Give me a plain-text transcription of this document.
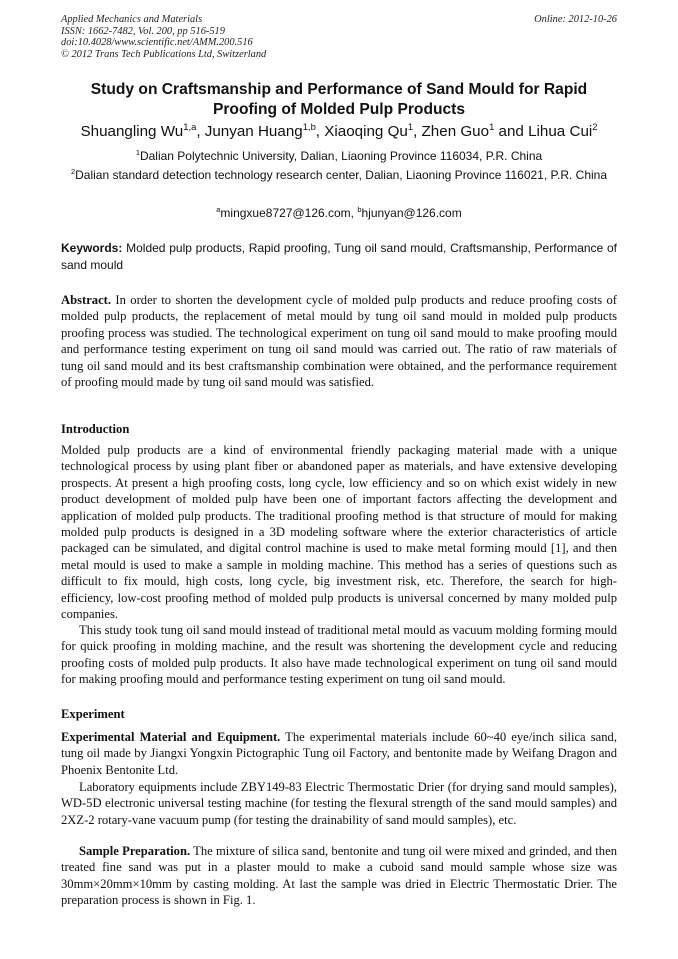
Applied Mechanics and Materials
ISSN: 1662-7482, Vol. 200, pp 516-519
doi:10.4028/www.scientific.net/AMM.200.516
© 2012 Trans Tech Publications Ltd, Switzerland
Online: 2012-10-26
Study on Craftsmanship and Performance of Sand Mould for Rapid Proofing of Molded Pulp Products
Shuangling Wu$^{1,a}$, Junyan Huang$^{1,b}$, Xiaoqing Qu$^1$, Zhen Guo$^1$ and Lihua Cui$^2$
$^1$Dalian Polytechnic University, Dalian, Liaoning Province 116034, P.R. China
$^2$Dalian standard detection technology research center, Dalian, Liaoning Province 116021, P.R. China
$^a$mingxue8727@126.com, $^b$hjunyan@126.com

Keywords: Molded pulp products, Rapid proofing, Tung oil sand mould, Craftsmanship, Performance of sand mould

Abstract. In order to shorten the development cycle of molded pulp products and reduce proofing costs of molded pulp products, the replacement of metal mould by tung oil sand mould in molded pulp products proofing process was studied. The technological experiment on tung oil sand mould to make proofing mould and performance testing experiment on tung oil sand mould was carried out. The ratio of raw materials of tung oil sand mould and its best craftsmanship combination were obtained, and the performance requirement of proofing mould made by tung oil sand mould was satisfied.

Introduction

Molded pulp products are a kind of environmental friendly packaging material made with a unique technological process by using plant fiber or abandoned paper as materials, and have extensive developing prospects. At present a high proofing costs, long cycle, low efficiency and so on which exist widely in new product development of molded pulp have been one of important factors affecting the development and application of molded pulp products. The traditional proofing method is that structure of mould for making molded pulp products is designed in a 3D modeling software where the exterior characteristics of article packaged can be simulated, and digital control machine is used to make metal forming mould [1], and then metal mould is used to make a sample in molding machine. This method has a series of questions such as difficult to fix mould, high costs, long cycle, big investment risk, etc. Therefore, the search for high-efficiency, low-cost proofing method of molded pulp products is universal concerned by many molded pulp companies.

This study took tung oil sand mould instead of traditional metal mould as vacuum molding forming mould for quick proofing in molding machine, and the result was shortening the development cycle and reducing proofing costs of molded pulp products. It also have made technological experiment on tung oil sand mould for making proofing mould and performance testing experiment on tung oil sand mould.

Experiment

Experimental Material and Equipment. The experimental materials include 60~40 eye/inch silica sand, tung oil made by Jiangxi Yongxin Pictographic Tung oil Factory, and bentonite made by Weifang Dragon and Phoenix Bentonite Ltd.

Laboratory equipments include ZBY149-83 Electric Thermostatic Drier (for drying sand mould samples), WD-5D electronic universal testing machine (for testing the flexural strength of the sand mould samples) and 2XZ-2 rotary-vane vacuum pump (for testing the drainability of sand mould samples), etc.

Sample Preparation. The mixture of silica sand, bentonite and tung oil were mixed and grinded, and then treated fine sand was put in a plaster mould to make a cuboid sand mould sample whose size was 30mm×20mm×10mm by casting molding. At last the sample was dried in Electric Thermostatic Drier. The preparation process is shown in Fig. 1.
